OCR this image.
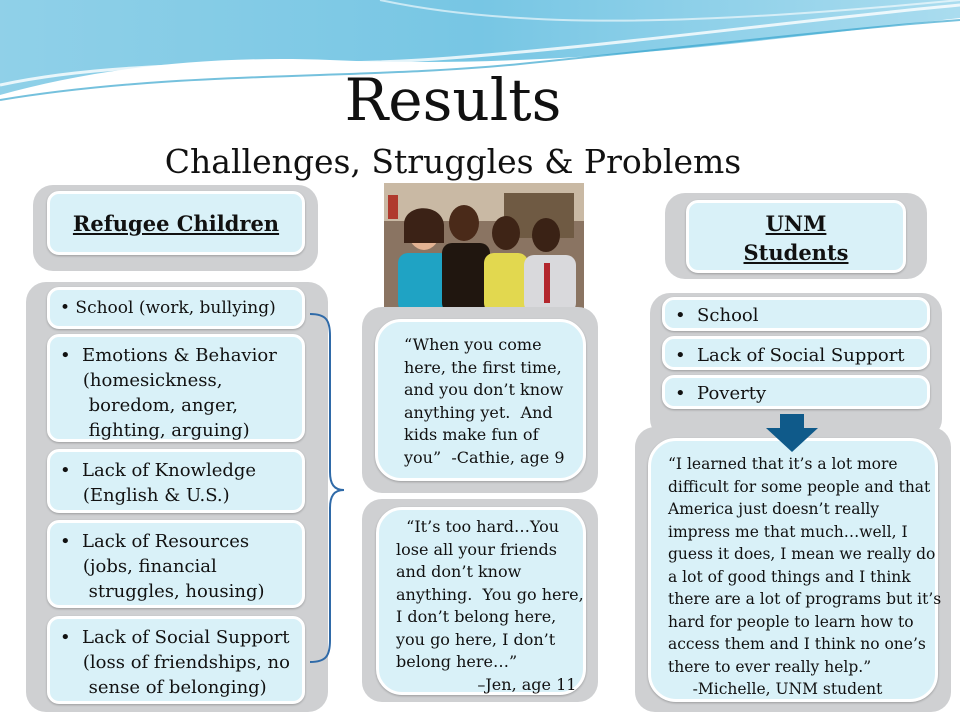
Results
Challenges, Struggles & Problems
Refugee Children
• School (work, bullying)
•  Emotions & Behavior
(homesickness,
boredom, anger,
fighting, arguing)
•  Lack of Knowledge
(English & U.S.)
•  Lack of Resources
(jobs, financial
struggles, housing)
•  Lack of Social Support
(loss of friendships, no
sense of belonging)
“When you come
here, the first time,
and you don’t know
anything yet.  And
kids make fun of
you”  -Cathie, age 9
“It’s too hard…You
lose all your friends
and don’t know
anything.  You go here,
I don’t belong here,
you go here, I don’t
belong here…”
–Jen, age 11
UNM
Students
•  School
•  Lack of Social Support
•  Poverty
“I learned that it’s a lot more
difficult for some people and that
America just doesn’t really
impress me that much…well, I
guess it does, I mean we really do
a lot of good things and I think
there are a lot of programs but it’s
hard for people to learn how to
access them and I think no one’s
there to ever really help.”
-Michelle, UNM student
